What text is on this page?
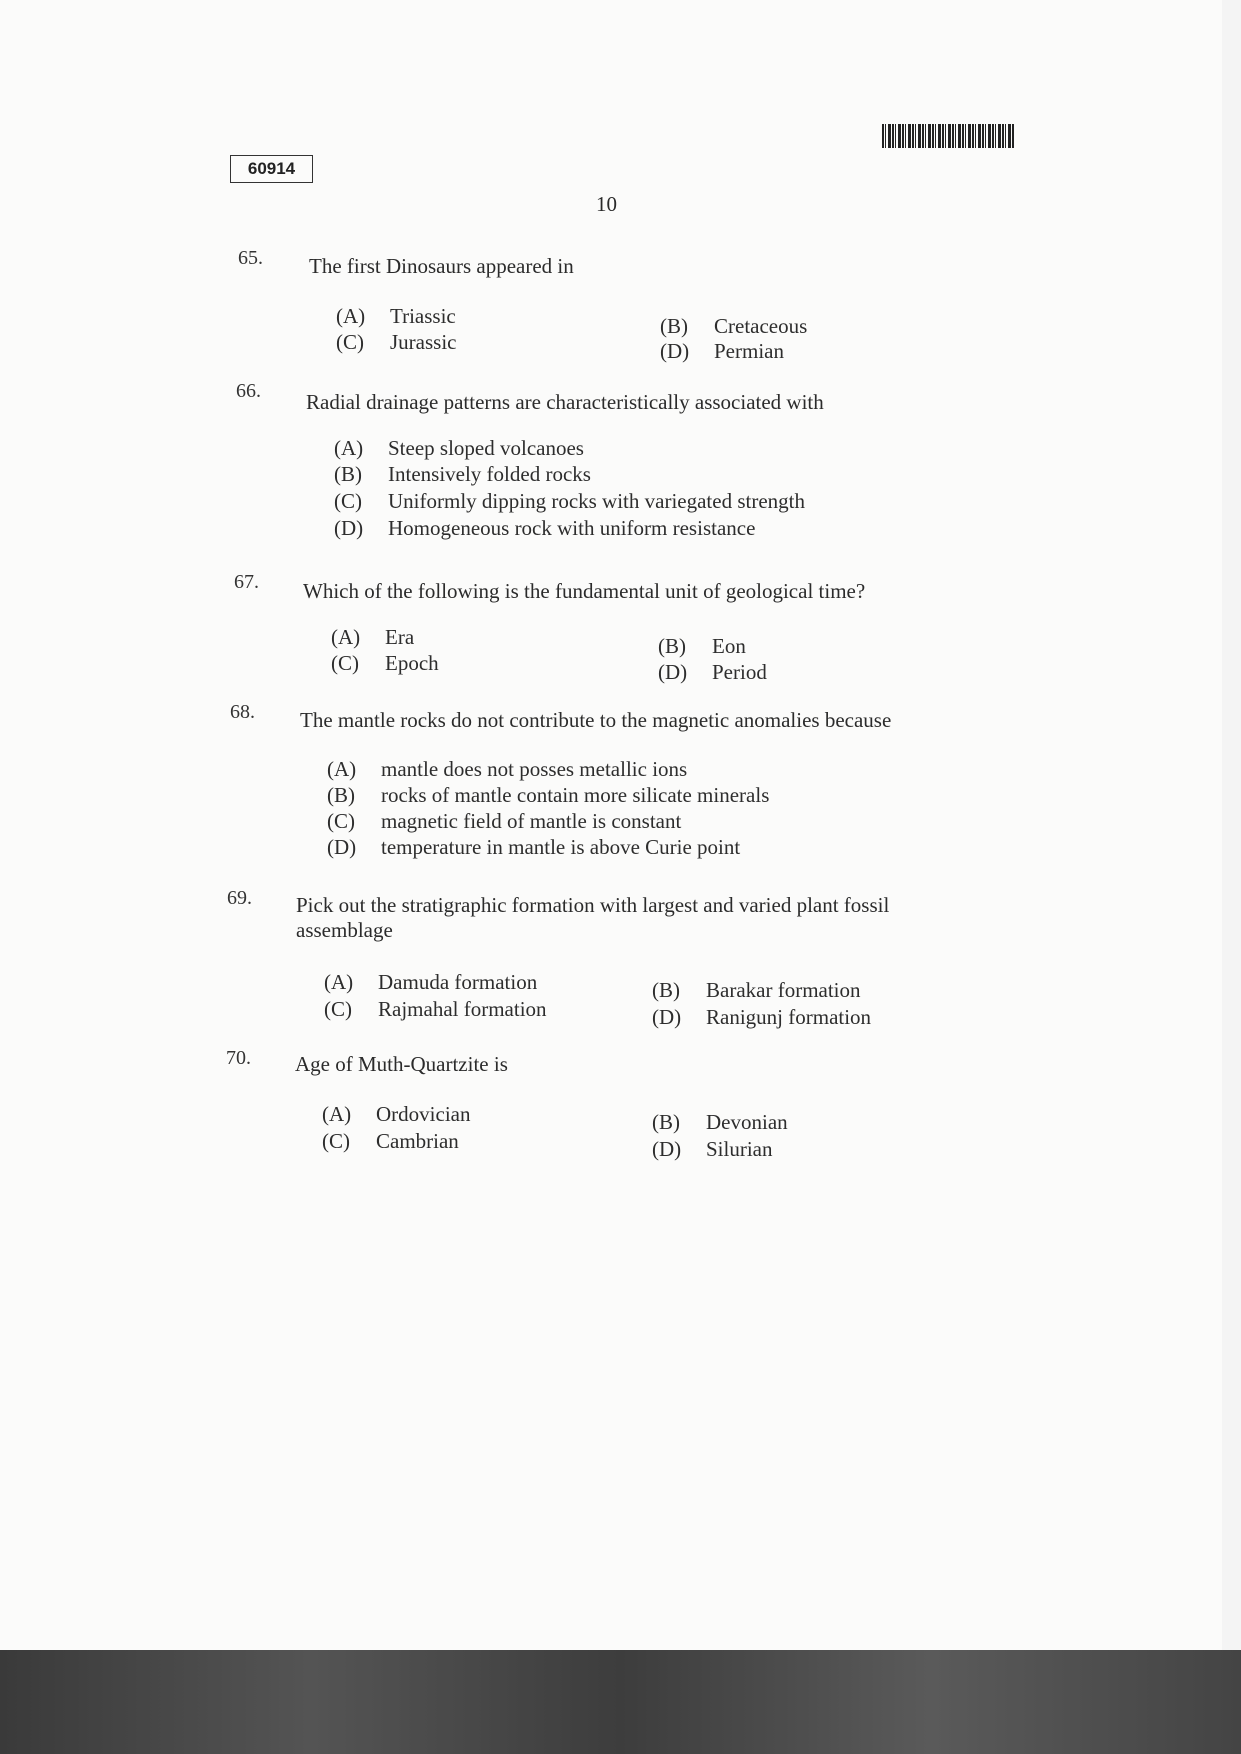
60914
10
65. The first Dinosaurs appeared in
(A) Triassic	(B) Cretaceous
(C) Jurassic	(D) Permian
66. Radial drainage patterns are characteristically associated with
(A) Steep sloped volcanoes
(B) Intensively folded rocks
(C) Uniformly dipping rocks with variegated strength
(D) Homogeneous rock with uniform resistance
67. Which of the following is the fundamental unit of geological time?
(A) Era	(B) Eon
(C) Epoch	(D) Period
68. The mantle rocks do not contribute to the magnetic anomalies because
(A) mantle does not posses metallic ions
(B) rocks of mantle contain more silicate minerals
(C) magnetic field of mantle is constant
(D) temperature in mantle is above Curie point
69. Pick out the stratigraphic formation with largest and varied plant fossil assemblage
(A) Damuda formation	(B) Barakar formation
(C) Rajmahal formation	(D) Ranigunj formation
70. Age of Muth-Quartzite is
(A) Ordovician	(B) Devonian
(C) Cambrian	(D) Silurian
